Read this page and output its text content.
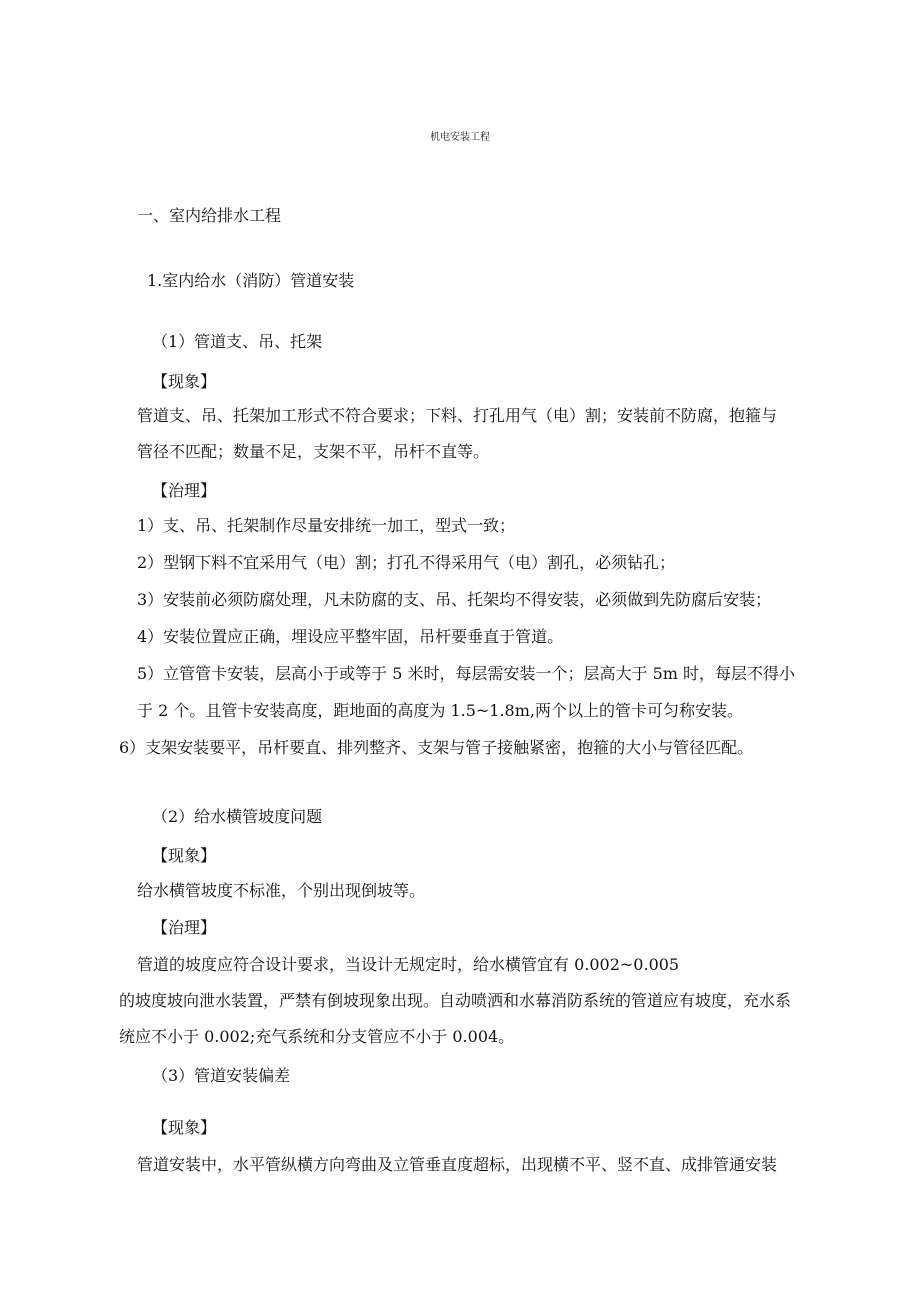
机电安装工程
一、室内给排水工程
1.室内给水（消防）管道安装
（1）管道支、吊、托架
【现象】
管道支、吊、托架加工形式不符合要求；下料、打孔用气（电）割；安装前不防腐，抱箍与
管径不匹配；数量不足，支架不平，吊杆不直等。
【治理】
1）支、吊、托架制作尽量安排统一加工，型式一致；
2）型钢下料不宜采用气（电）割；打孔不得采用气（电）割孔，必须钻孔；
3）安装前必须防腐处理，凡未防腐的支、吊、托架均不得安装，必须做到先防腐后安装；
4）安装位置应正确，埋设应平整牢固，吊杆要垂直于管道。
5）立管管卡安装，层高小于或等于 5 米时，每层需安装一个；层高大于 5m 时，每层不得小
于 2 个。且管卡安装高度，距地面的高度为 1.5~1.8m,两个以上的管卡可匀称安装。
6）支架安装要平，吊杆要直、排列整齐、支架与管子接触紧密，抱箍的大小与管径匹配。
（2）给水横管坡度问题
【现象】
给水横管坡度不标准，个别出现倒坡等。
【治理】
管道的坡度应符合设计要求，当设计无规定时，给水横管宜有 0.002~0.005
的坡度坡向泄水装置，严禁有倒坡现象出现。自动喷洒和水幕消防系统的管道应有坡度，充水系
统应不小于 0.002;充气系统和分支管应不小于 0.004。
（3）管道安装偏差
【现象】
管道安装中，水平管纵横方向弯曲及立管垂直度超标，出现横不平、竖不直、成排管通安装
